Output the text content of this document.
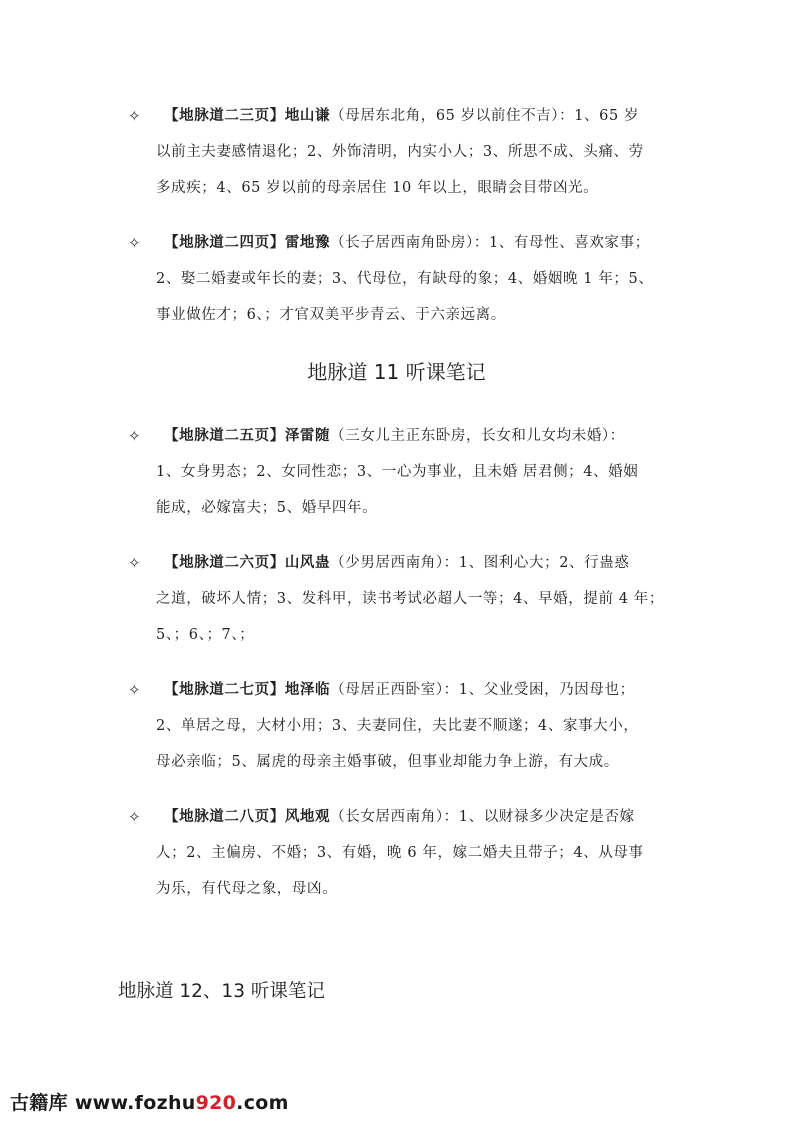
✧	【地脉道二三页】地山谦（母居东北角，65 岁以前住不吉）：1、65 岁
以前主夫妻感情退化；2、外饰清明，内实小人；3、所思不成、头痛、劳
多成疾；4、65 岁以前的母亲居住 10 年以上，眼睛会目带凶光。
✧	【地脉道二四页】雷地豫（长子居西南角卧房）：1、有母性、喜欢家事；
2、娶二婚妻或年长的妻；3、代母位，有缺母的象；4、婚姻晚 1 年；5、
事业做佐才；6、；才官双美平步青云、于六亲远离。
地脉道 11 听课笔记
✧	【地脉道二五页】泽雷随（三女儿主正东卧房，长女和儿女均未婚）：
1、女身男态；2、女同性恋；3、一心为事业，且未婚 居君侧；4、婚姻
能成，必嫁富夫；5、婚早四年。
✧	【地脉道二六页】山风蛊（少男居西南角）：1、图利心大；2、行蛊惑
之道，破坏人情；3、发科甲，读书考试必超人一等；4、早婚，提前 4 年；
5、；6、；7、；
✧	【地脉道二七页】地泽临（母居正西卧室）：1、父业受困，乃因母也；
2、单居之母，大材小用；3、夫妻同住，夫比妻不顺遂；4、家事大小，
母必亲临；5、属虎的母亲主婚事破，但事业却能力争上游，有大成。
✧	【地脉道二八页】风地观（长女居西南角）：1、以财禄多少决定是否嫁
人；2、主偏房、不婚；3、有婚，晚 6 年，嫁二婚夫且带子；4、从母事
为乐，有代母之象，母凶。
地脉道 12、13 听课笔记
古籍库 www.fozhu920.com
